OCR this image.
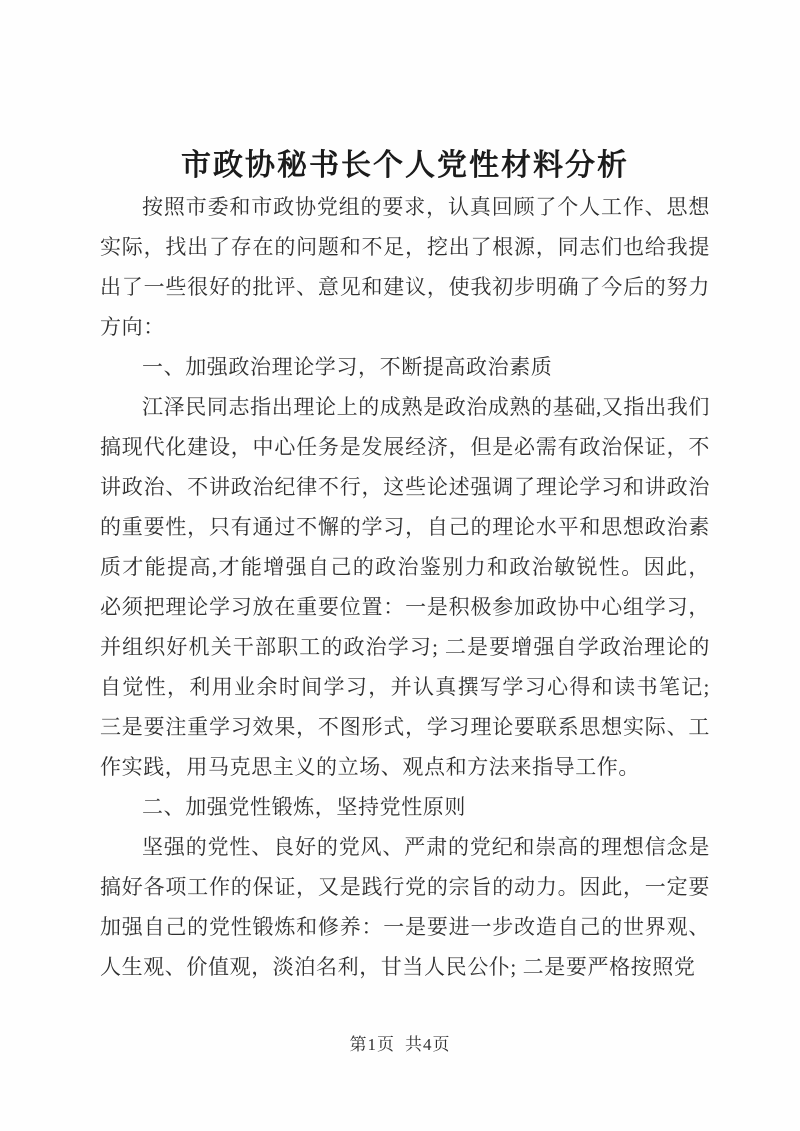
市政协秘书长个人党性材料分析

按照市委和市政协党组的要求，认真回顾了个人工作、思想实际，找出了存在的问题和不足，挖出了根源，同志们也给我提出了一些很好的批评、意见和建议，使我初步明确了今后的努力方向：

一、加强政治理论学习，不断提高政治素质

江泽民同志指出理论上的成熟是政治成熟的基础,又指出我们搞现代化建设，中心任务是发展经济，但是必需有政治保证，不讲政治、不讲政治纪律不行，这些论述强调了理论学习和讲政治的重要性，只有通过不懈的学习，自己的理论水平和思想政治素质才能提高,才能增强自己的政治鉴别力和政治敏锐性。因此，必须把理论学习放在重要位置：一是积极参加政协中心组学习，并组织好机关干部职工的政治学习; 二是要增强自学政治理论的自觉性，利用业余时间学习，并认真撰写学习心得和读书笔记; 三是要注重学习效果，不图形式，学习理论要联系思想实际、工作实践，用马克思主义的立场、观点和方法来指导工作。

二、加强党性锻炼，坚持党性原则

坚强的党性、良好的党风、严肃的党纪和崇高的理想信念是搞好各项工作的保证，又是践行党的宗旨的动力。因此，一定要加强自己的党性锻炼和修养：一是要进一步改造自己的世界观、人生观、价值观，淡泊名利，甘当人民公仆; 二是要严格按照党

第1页 共4页
